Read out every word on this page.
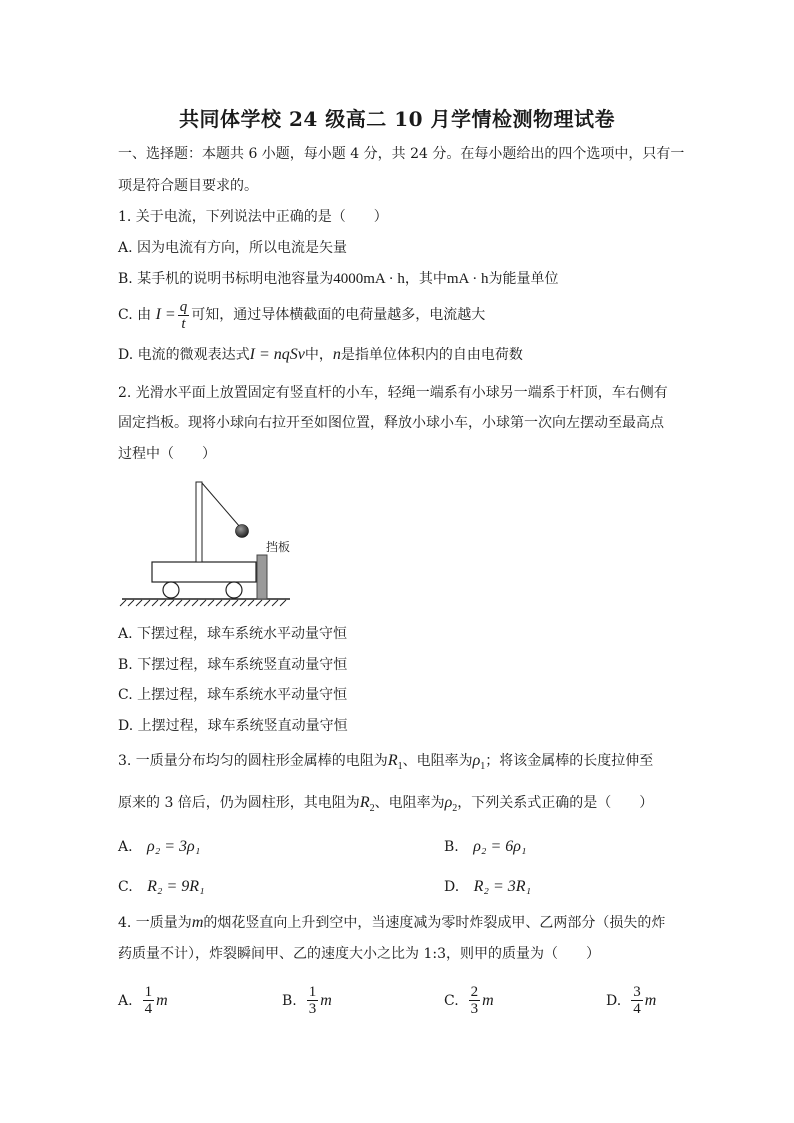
共同体学校 24 级高二 10 月学情检测物理试卷
一、选择题：本题共 6 小题，每小题 4 分，共 24 分。在每小题给出的四个选项中，只有一
项是符合题目要求的。
1. 关于电流，下列说法中正确的是（　　）
A. 因为电流有方向，所以电流是矢量
B. 某手机的说明书标明电池容量为4000mA · h，其中mA · h为能量单位
C. 由 $I = \frac{q}{t}$ 可知，通过导体横截面的电荷量越多，电流越大
D. 电流的微观表达式I = nqSv中，n是指单位体积内的自由电荷数
2. 光滑水平面上放置固定有竖直杆的小车，轻绳一端系有小球另一端系于杆顶，车右侧有
固定挡板。现将小球向右拉开至如图位置，释放小球小车，小球第一次向左摆动至最高点
过程中（　　）
挡板
A. 下摆过程，球车系统水平动量守恒
B. 下摆过程，球车系统竖直动量守恒
C. 上摆过程，球车系统水平动量守恒
D. 上摆过程，球车系统竖直动量守恒
3. 一质量分布均匀的圆柱形金属棒的电阻为$R_1$、电阻率为$\rho_1$；将该金属棒的长度拉伸至
原来的 3 倍后，仍为圆柱形，其电阻为$R_2$、电阻率为$\rho_2$，下列关系式正确的是（　　）
A. ρ₂ = 3ρ₁	B. ρ₂ = 6ρ₁
C. R₂ = 9R₁	D. R₂ = 3R₁
4. 一质量为m的烟花竖直向上升到空中，当速度减为零时炸裂成甲、乙两部分（损失的炸
药质量不计），炸裂瞬间甲、乙的速度大小之比为 1:3，则甲的质量为（　　）
A. $\frac{1}{4}$ m	B. $\frac{1}{3}$ m	C. $\frac{2}{3}$ m	D. $\frac{3}{4}$ m
